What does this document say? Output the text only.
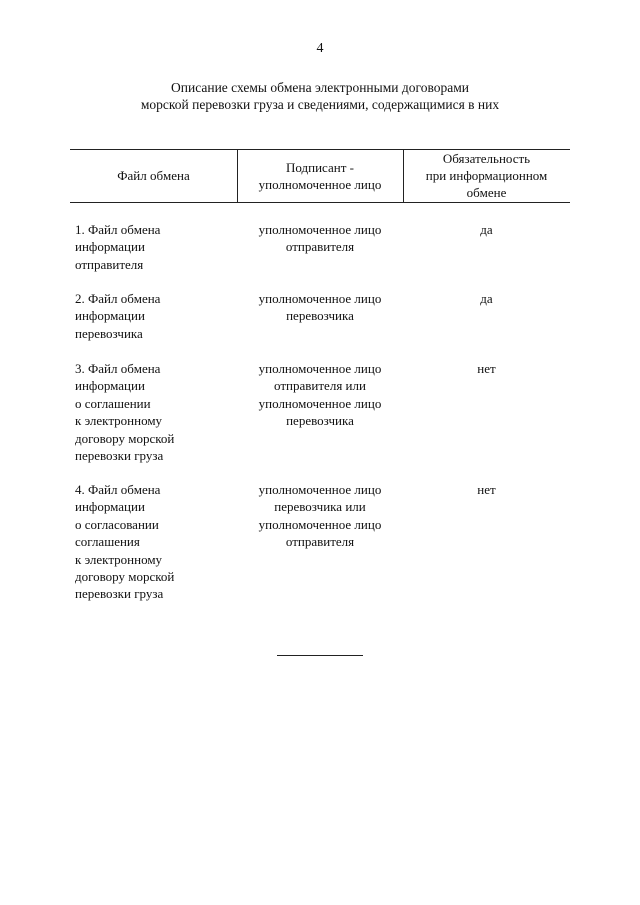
4
Описание схемы обмена электронными договорами
морской перевозки груза и сведениями, содержащимися в них
Файл обмена
Подписант -
уполномоченное лицо
Обязательность
при информационном
обмене
1. Файл обмена
информации
отправителя
уполномоченное лицо
отправителя
да
2. Файл обмена
информации
перевозчика
уполномоченное лицо
перевозчика
да
3. Файл обмена
информации
о соглашении
к электронному
договору морской
перевозки груза
уполномоченное лицо
отправителя или
уполномоченное лицо
перевозчика
нет
4. Файл обмена
информации
о согласовании
соглашения
к электронному
договору морской
перевозки груза
уполномоченное лицо
перевозчика или
уполномоченное лицо
отправителя
нет
